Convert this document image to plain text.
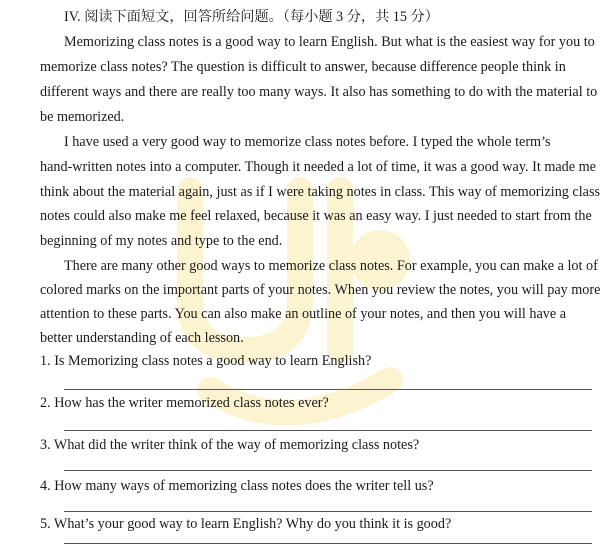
IV. 阅读下面短文，回答所给问题。（每小题 3 分，共 15 分）
Memorizing class notes is a good way to learn English. But what is the easiest way for you to
memorize class notes? The question is difficult to answer, because difference people think in
different ways and there are really too many ways. It also has something to do with the material to
be memorized.
I have used a very good way to memorize class notes before. I typed the whole term’s
hand-written notes into a computer. Though it needed a lot of time, it was a good way. It made me
think about the material again, just as if I were taking notes in class. This way of memorizing class
notes could also make me feel relaxed, because it was an easy way. I just needed to start from the
beginning of my notes and type to the end.
There are many other good ways to memorize class notes. For example, you can make a lot of
colored marks on the important parts of your notes. When you review the notes, you will pay more
attention to these parts. You can also make an outline of your notes, and then you will have a
better understanding of each lesson.
1. Is Memorizing class notes a good way to learn English?
2. How has the writer memorized class notes ever?
3. What did the writer think of the way of memorizing class notes?
4. How many ways of memorizing class notes does the writer tell us?
5. What’s your good way to learn English? Why do you think it is good?
